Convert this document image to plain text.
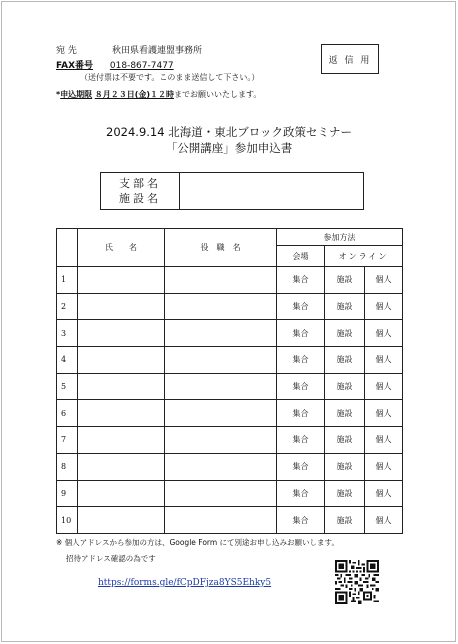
宛 先	秋田県看護連盟事務所
FAX番号 018-867-7477
（送付票は不要です。このまま送信して下さい。）
*申込期限 ８月２３日(金)１２時までお願いいたします。
返 信 用
2024.9.14 北海道・東北ブロック政策セミナー
「公開講座」参加申込書
支部名
施設名
	氏　　名	役　職　名	参加方法		
			会場	オンライン	
1			集合	施設	個人
2			集合	施設	個人
3			集合	施設	個人
4			集合	施設	個人
5			集合	施設	個人
6			集合	施設	個人
7			集合	施設	個人
8			集合	施設	個人
9			集合	施設	個人
10			集合	施設	個人
※ 個人アドレスから参加の方は、Google Form にて別途お申し込みお願いします。
招待アドレス確認の為です
https://forms.gle/fCpDFjza8YS5Ehky5
